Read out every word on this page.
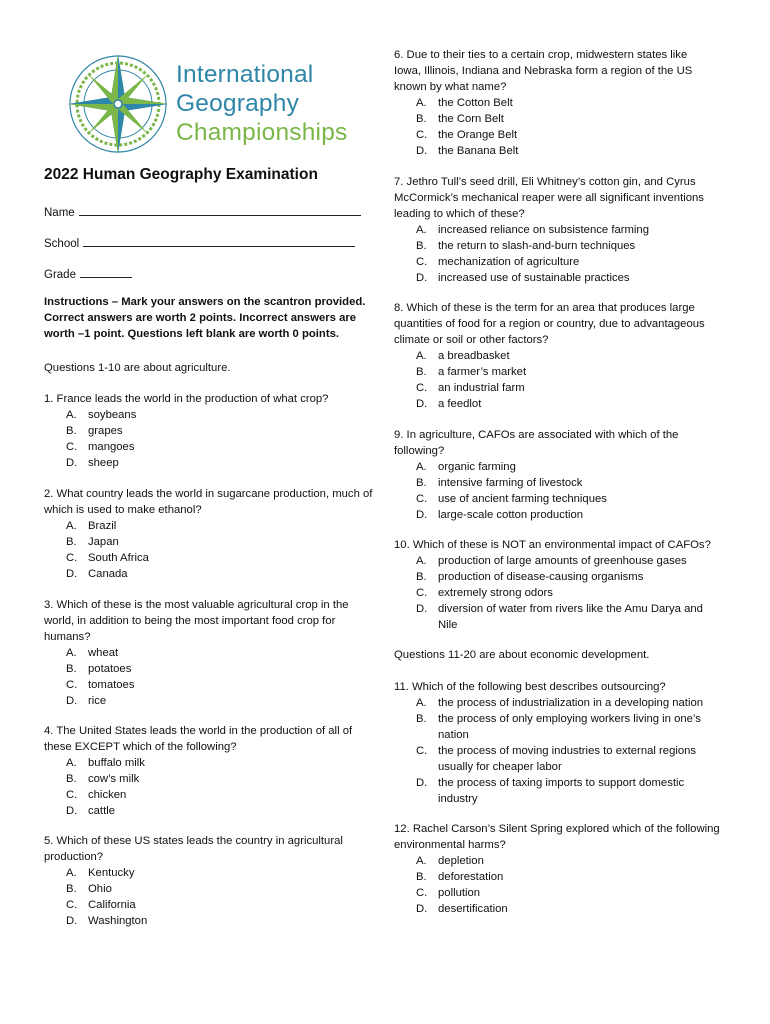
International
Geography
Championships
2022 Human Geography Examination
Name
School
Grade
Instructions – Mark your answers on the scantron provided. Correct answers are worth 2 points. Incorrect answers are worth –1 point. Questions left blank are worth 0 points.
Questions 1-10 are about agriculture.
1. France leads the world in the production of what crop?
A.	soybeans
B.	grapes
C. mangoes
D. sheep
2. What country leads the world in sugarcane production, much of which is used to make ethanol?
A.	Brazil
B.	Japan
C. South Africa
D. Canada
3. Which of these is the most valuable agricultural crop in the world, in addition to being the most important food crop for humans?
A.	wheat
B.	potatoes
C. tomatoes
D. rice
4. The United States leads the world in the production of all of these EXCEPT which of the following?
A.	buffalo milk
B.	cow’s milk
C. chicken
D. cattle
5. Which of these US states leads the country in agricultural production?
A.	Kentucky
B.	Ohio
C. California
D. Washington
6. Due to their ties to a certain crop, midwestern states like Iowa, Illinois, Indiana and Nebraska form a region of the US known by what name?
A.	the Cotton Belt
B.	the Corn Belt
C. the Orange Belt
D. the Banana Belt
7. Jethro Tull’s seed drill, Eli Whitney’s cotton gin, and Cyrus McCormick’s mechanical reaper were all significant inventions leading to which of these?
A.	increased reliance on subsistence farming
B.	the return to slash-and-burn techniques
C. mechanization of agriculture
D. increased use of sustainable practices
8. Which of these is the term for an area that produces large quantities of food for a region or country, due to advantageous climate or soil or other factors?
A.	a breadbasket
B.	a farmer’s market
C. an industrial farm
D. a feedlot
9. In agriculture, CAFOs are associated with which of the following?
A.	organic farming
B.	intensive farming of livestock
C. use of ancient farming techniques
D. large-scale cotton production
10. Which of these is NOT an environmental impact of CAFOs?
A.	production of large amounts of greenhouse gases
B.	production of disease-causing organisms
C. extremely strong odors
D. diversion of water from rivers like the Amu Darya and Nile
Questions 11-20 are about economic development.
11. Which of the following best describes outsourcing?
A.	the process of industrialization in a developing nation
B.	the process of only employing workers living in one’s nation
C. the process of moving industries to external regions usually for cheaper labor
D. the process of taxing imports to support domestic industry
12. Rachel Carson’s Silent Spring explored which of the following environmental harms?
A.	depletion
B.	deforestation
C. pollution
D. desertification
